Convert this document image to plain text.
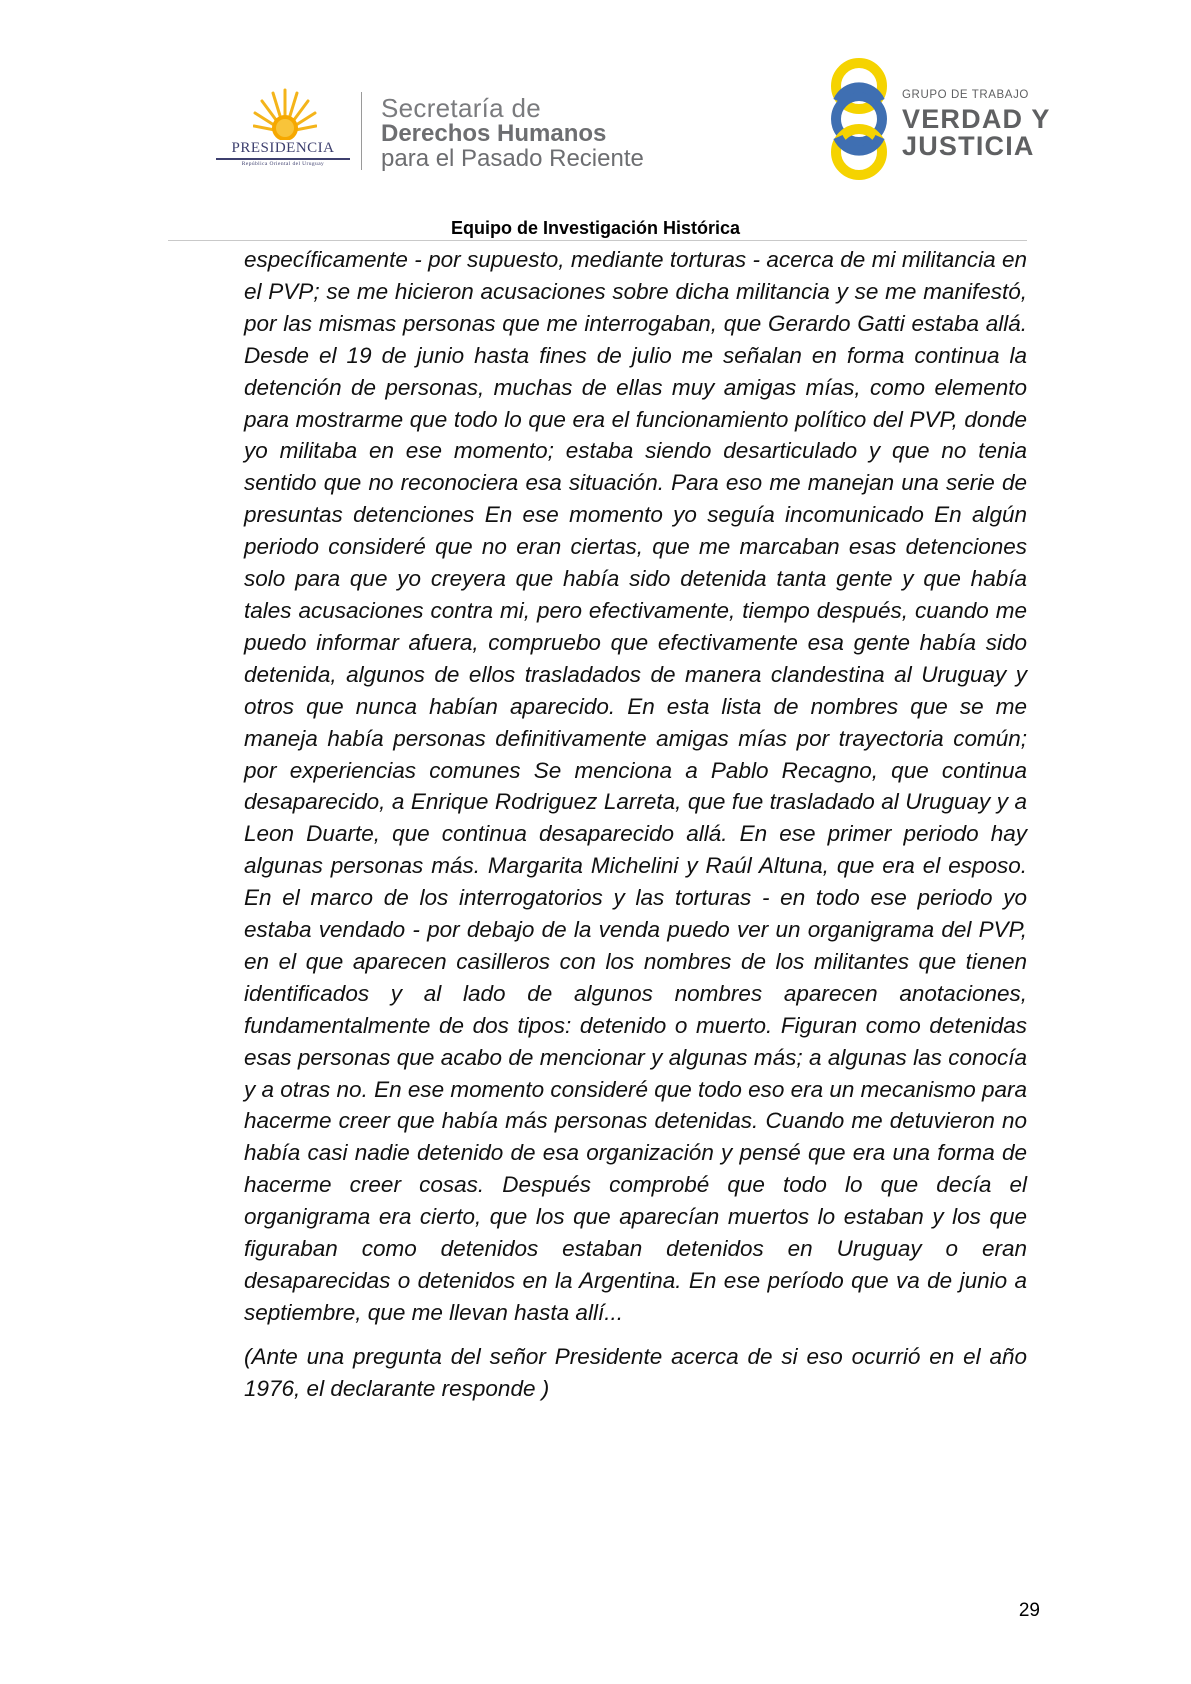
PRESIDENCIA
República Oriental del Uruguay
Secretaría de
Derechos Humanos
para el Pasado Reciente
GRUPO DE TRABAJO
VERDAD Y
JUSTICIA
Equipo de Investigación Histórica

específicamente - por supuesto, mediante torturas - acerca de mi militancia en el PVP; se me hicieron acusaciones sobre dicha militancia y se me manifestó, por las mismas personas que me interrogaban, que Gerardo Gatti estaba allá. Desde el 19 de junio hasta fines de julio me señalan en forma continua la detención de personas, muchas de ellas muy amigas mías, como elemento para mostrarme que todo lo que era el funcionamiento político del PVP, donde yo militaba en ese momento; estaba siendo desarticulado y que no tenia sentido que no reconociera esa situación. Para eso me manejan una serie de presuntas detenciones En ese momento yo seguía incomunicado En algún periodo consideré que no eran ciertas, que me marcaban esas detenciones solo para que yo creyera que había sido detenida tanta gente y que había tales acusaciones contra mi, pero efectivamente, tiempo después, cuando me puedo informar afuera, compruebo que efectivamente esa gente había sido detenida, algunos de ellos trasladados de manera clandestina al Uruguay y otros que nunca habían aparecido. En esta lista de nombres que se me maneja había personas definitivamente amigas mías por trayectoria común; por experiencias comunes Se menciona a Pablo Recagno, que continua desaparecido, a Enrique Rodriguez Larreta, que fue trasladado al Uruguay y a Leon Duarte, que continua desaparecido allá. En ese primer periodo hay algunas personas más. Margarita Michelini y Raúl Altuna, que era el esposo. En el marco de los interrogatorios y las torturas - en todo ese periodo yo estaba vendado - por debajo de la venda puedo ver un organigrama del PVP, en el que aparecen casilleros con los nombres de los militantes que tienen identificados y al lado de algunos nombres aparecen anotaciones, fundamentalmente de dos tipos: detenido o muerto. Figuran como detenidas esas personas que acabo de mencionar y algunas más; a algunas las conocía y a otras no. En ese momento consideré que todo eso era un mecanismo para hacerme creer que había más personas detenidas. Cuando me detuvieron no había casi nadie detenido de esa organización y pensé que era una forma de hacerme creer cosas. Después comprobé que todo lo que decía el organigrama era cierto, que los que aparecían muertos lo estaban y los que figuraban como detenidos estaban detenidos en Uruguay o eran desaparecidas o detenidos en la Argentina. En ese período que va de junio a septiembre, que me llevan hasta allí...

(Ante una pregunta del señor Presidente acerca de si eso ocurrió en el año 1976, el declarante responde )

29
